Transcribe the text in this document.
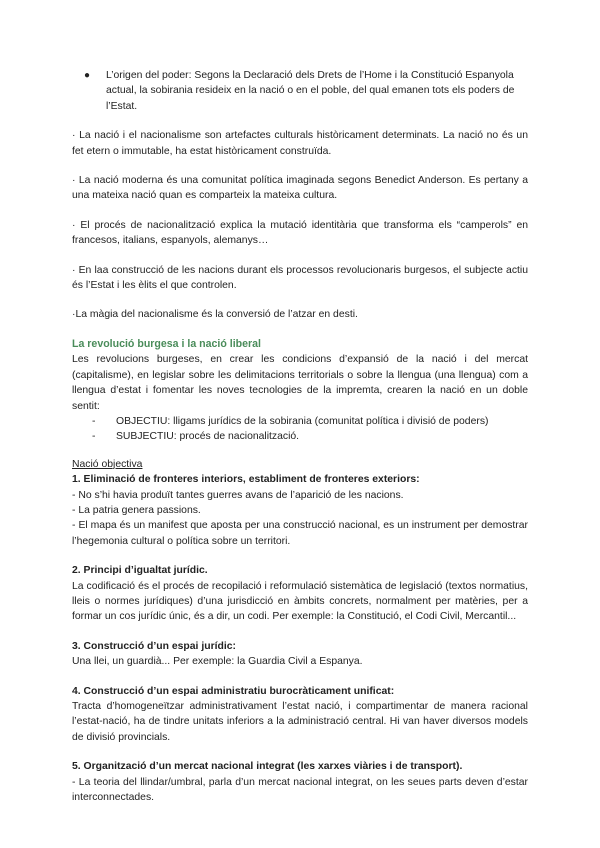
●	L’origen del poder: Segons la Declaració dels Drets de l’Home i la Constitució Espanyola actual, la sobirania resideix en la nació o en el poble, del qual emanen tots els poders de l’Estat.

· La nació i el nacionalisme son artefactes culturals històricament determinats. La nació no és un fet etern o immutable, ha estat històricament construïda.

· La nació moderna és una comunitat política imaginada segons Benedict Anderson. Es pertany a una mateixa nació quan es comparteix la mateixa cultura.

· El procés de nacionalització explica la mutació identitària que transforma els “camperols” en francesos, italians, espanyols, alemanys…

· En laa construcció de les nacions durant els processos revolucionaris burgesos, el subjecte actiu és l’Estat i les èlits el que controlen.

·La màgia del nacionalisme és la conversió de l’atzar en desti.

La revolució burgesa i la nació liberal

Les revolucions burgeses, en crear les condicions d’expansió de la nació i del mercat (capitalisme), en legislar sobre les delimitacions territorials o sobre la llengua (una llengua) com a llengua d’estat i fomentar les noves tecnologies de la impremta, crearen la nació en un doble sentit:

-	OBJECTIU: lligams jurídics de la sobirania (comunitat política i divisió de poders)
-	SUBJECTIU: procés de nacionalització.
Nació objectiva
1. Eliminació de fronteres interiors, establiment de fronteres exteriors:

- No s’hi havia produït tantes guerres avans de l’aparició de les nacions.

- La patria genera passions.

- El mapa és un manifest que aposta per una construcció nacional, es un instrument per demostrar l’hegemonia cultural o política sobre un territori.

2. Principi d’igualtat jurídic.

La codificació és el procés de recopilació i reformulació sistemàtica de legislació (textos normatius, lleis o normes jurídiques) d’una jurisdicció en àmbits concrets, normalment per matèries, per a formar un cos jurídic únic, és a dir, un codi. Per exemple: la Constitució, el Codi Civil, Mercantil...

3. Construcció d’un espai jurídic:

Una llei, un guardià... Per exemple: la Guardia Civil a Espanya.

4. Construcció d’un espai administratiu burocràticament unificat:

Tracta d’homogeneïtzar administrativament l’estat nació, i compartimentar de manera racional l’estat-nació, ha de tindre unitats inferiors a la administració central. Hi van haver diversos models de divisió provincials.

5. Organització d’un mercat nacional integrat (les xarxes viàries i de transport).

- La teoria del llindar/umbral, parla d’un mercat nacional integrat, on les seues parts deven d’estar interconnectades.
